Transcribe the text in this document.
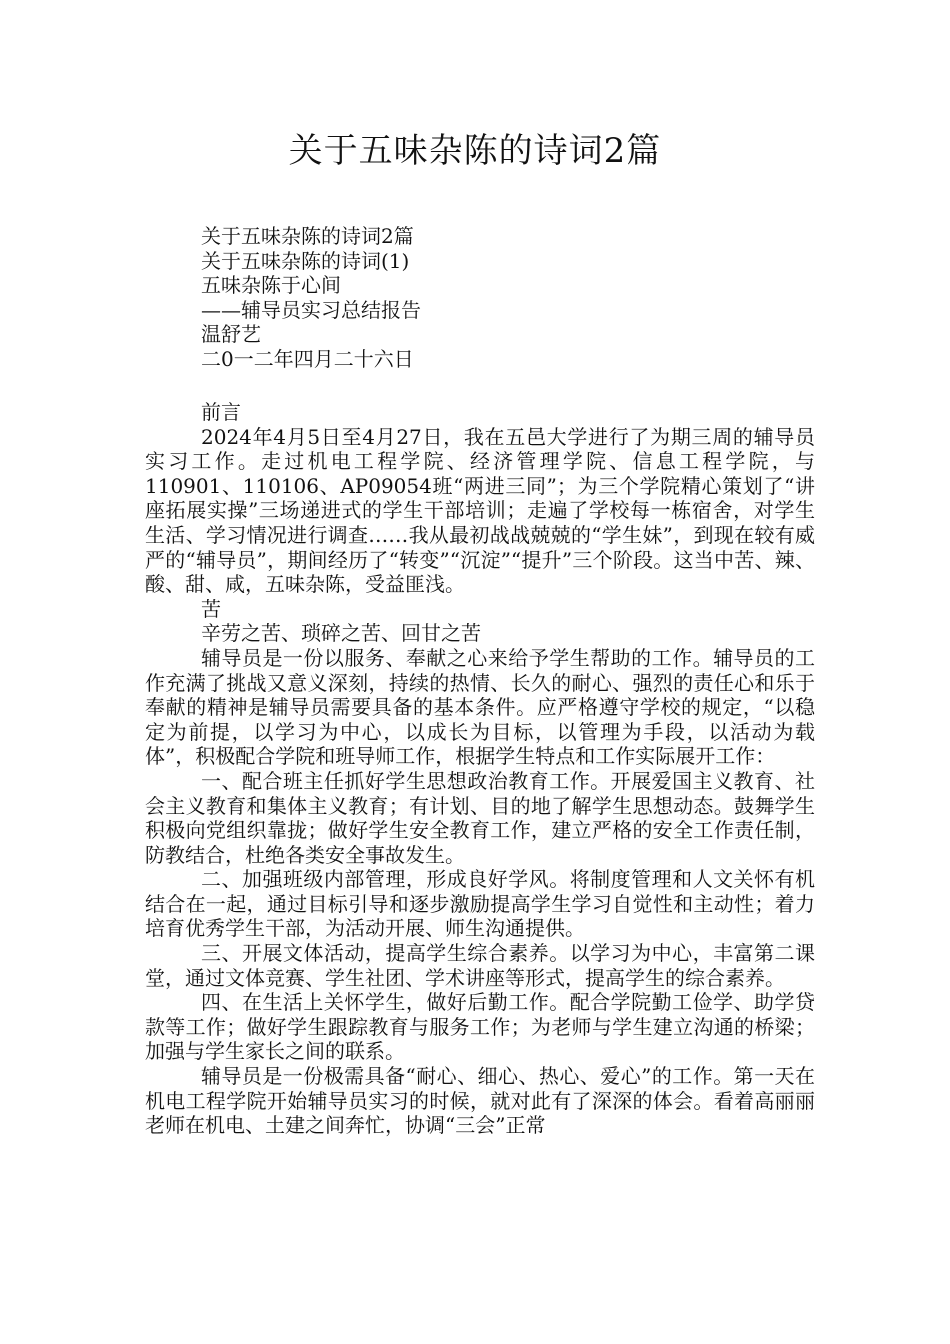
关于五味杂陈的诗词2篇
关于五味杂陈的诗词2篇
关于五味杂陈的诗词(1)
五味杂陈于心间
——辅导员实习总结报告
温舒艺
二0一二年四月二十六日

前言

2024年4月5日至4月27日，我在五邑大学进行了为期三周的辅导员实习工作。走过机电工程学院、经济管理学院、信息工程学院，与110901、110106、AP09054班“两进三同”；为三个学院精心策划了“讲座拓展实操”三场递进式的学生干部培训；走遍了学校每一栋宿舍，对学生生活、学习情况进行调查……我从最初战战兢兢的“学生妹”，到现在较有威严的“辅导员”，期间经历了“转变”“沉淀”“提升”三个阶段。这当中苦、辣、酸、甜、咸，五味杂陈，受益匪浅。

苦

辛劳之苦、琐碎之苦、回甘之苦

辅导员是一份以服务、奉献之心来给予学生帮助的工作。辅导员的工作充满了挑战又意义深刻，持续的热情、长久的耐心、强烈的责任心和乐于奉献的精神是辅导员需要具备的基本条件。应严格遵守学校的规定，“以稳定为前提，以学习为中心，以成长为目标，以管理为手段，以活动为载体”，积极配合学院和班导师工作，根据学生特点和工作实际展开工作：

一、配合班主任抓好学生思想政治教育工作。开展爱国主义教育、社会主义教育和集体主义教育；有计划、目的地了解学生思想动态。鼓舞学生积极向党组织靠拢；做好学生安全教育工作，建立严格的安全工作责任制，防教结合，杜绝各类安全事故发生。

二、加强班级内部管理，形成良好学风。将制度管理和人文关怀有机结合在一起，通过目标引导和逐步激励提高学生学习自觉性和主动性；着力培育优秀学生干部，为活动开展、师生沟通提供。

三、开展文体活动，提高学生综合素养。以学习为中心，丰富第二课堂，通过文体竞赛、学生社团、学术讲座等形式，提高学生的综合素养。

四、在生活上关怀学生，做好后勤工作。配合学院勤工俭学、助学贷款等工作；做好学生跟踪教育与服务工作；为老师与学生建立沟通的桥梁；加强与学生家长之间的联系。

辅导员是一份极需具备“耐心、细心、热心、爱心”的工作。第一天在机电工程学院开始辅导员实习的时候，就对此有了深深的体会。看着高丽丽老师在机电、土建之间奔忙，协调“三会”正常
